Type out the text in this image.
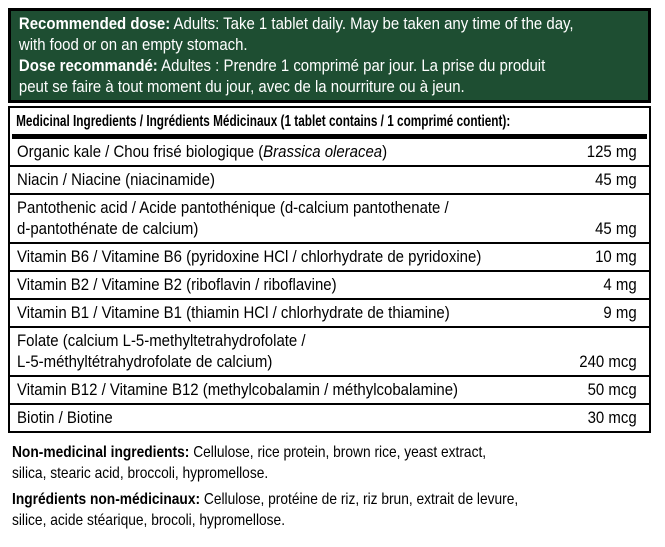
Recommended dose: Adults: Take 1 tablet daily. May be taken any time of the day,
with food or on an empty stomach.
Dose recommandé: Adultes : Prendre 1 comprimé par jour. La prise du produit
peut se faire à tout moment du jour, avec de la nourriture ou à jeun.
Medicinal Ingredients / Ingrédients Médicinaux (1 tablet contains / 1 comprimé contient):
Organic kale / Chou frisé biologique (Brassica oleracea)	125 mg
Niacin / Niacine (niacinamide)	45 mg
Pantothenic acid / Acide pantothénique (d-calcium pantothenate /
d-pantothénate de calcium)	45 mg
Vitamin B6 / Vitamine B6 (pyridoxine HCl / chlorhydrate de pyridoxine)	10 mg
Vitamin B2 / Vitamine B2 (riboflavin / riboflavine)	4 mg
Vitamin B1 / Vitamine B1 (thiamin HCl / chlorhydrate de thiamine)	9 mg
Folate (calcium L-5-methyltetrahydrofolate /
L-5-méthyltétrahydrofolate de calcium)	240 mcg
Vitamin B12 / Vitamine B12 (methylcobalamin / méthylcobalamine)	50 mcg
Biotin / Biotine	30 mcg
Non-medicinal ingredients: Cellulose, rice protein, brown rice, yeast extract,
silica, stearic acid, broccoli, hypromellose.
Ingrédients non-médicinaux: Cellulose, protéine de riz, riz brun, extrait de levure,
silice, acide stéarique, brocoli, hypromellose.
